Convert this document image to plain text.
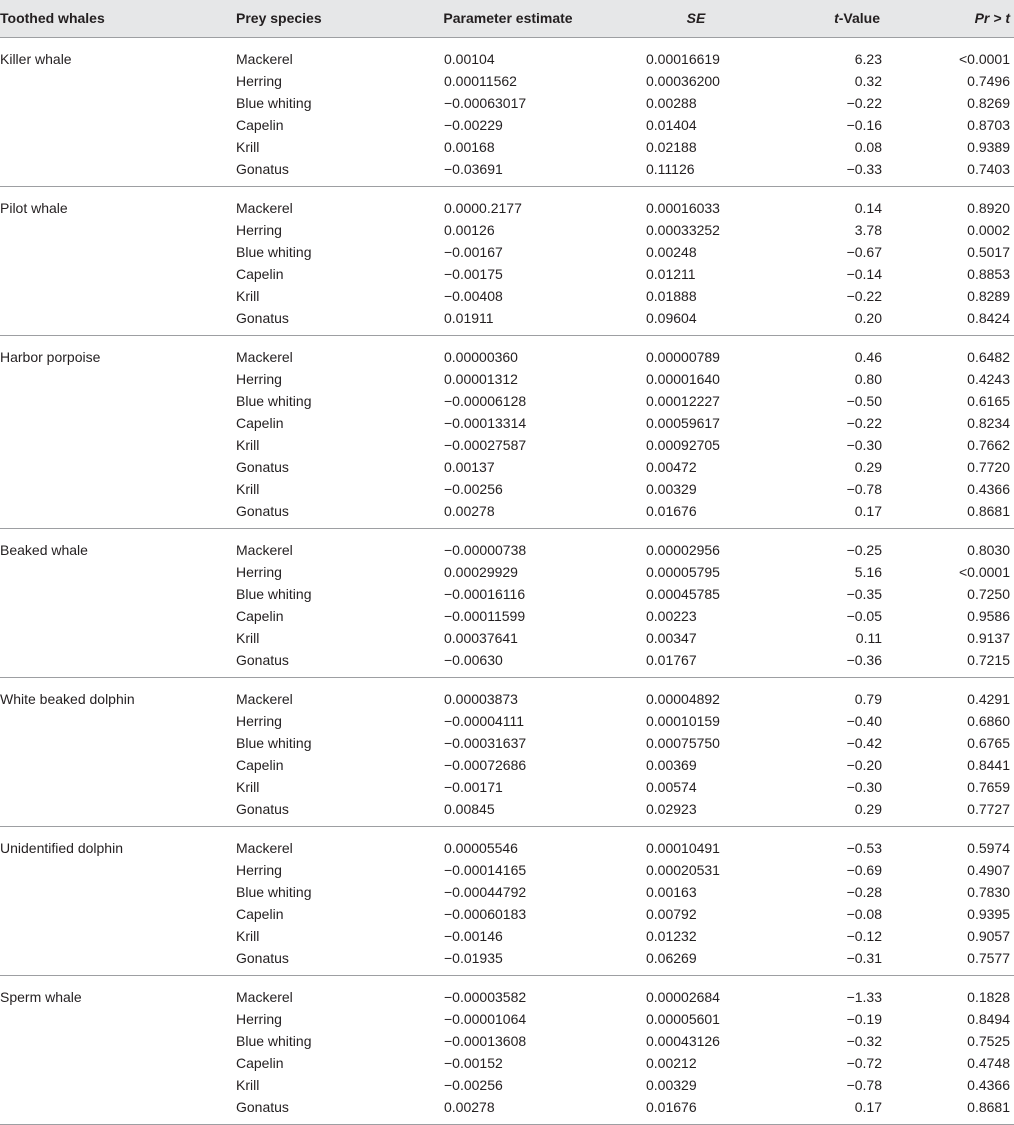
Toothed whales	Prey species	Parameter estimate	SE	t-Value	Pr > t
Killer whale	Mackerel	0.00104	0.00016619	6.23	<0.0001
	Herring	0.00011562	0.00036200	0.32	0.7496
	Blue whiting	−0.00063017	0.00288	−0.22	0.8269
	Capelin	−0.00229	0.01404	−0.16	0.8703
	Krill	0.00168	0.02188	0.08	0.9389
	Gonatus	−0.03691	0.11126	−0.33	0.7403
Pilot whale	Mackerel	0.0000.2177	0.00016033	0.14	0.8920
	Herring	0.00126	0.00033252	3.78	0.0002
	Blue whiting	−0.00167	0.00248	−0.67	0.5017
	Capelin	−0.00175	0.01211	−0.14	0.8853
	Krill	−0.00408	0.01888	−0.22	0.8289
	Gonatus	0.01911	0.09604	0.20	0.8424
Harbor porpoise	Mackerel	0.00000360	0.00000789	0.46	0.6482
	Herring	0.00001312	0.00001640	0.80	0.4243
	Blue whiting	−0.00006128	0.00012227	−0.50	0.6165
	Capelin	−0.00013314	0.00059617	−0.22	0.8234
	Krill	−0.00027587	0.00092705	−0.30	0.7662
	Gonatus	0.00137	0.00472	0.29	0.7720
	Krill	−0.00256	0.00329	−0.78	0.4366
	Gonatus	0.00278	0.01676	0.17	0.8681
Beaked whale	Mackerel	−0.00000738	0.00002956	−0.25	0.8030
	Herring	0.00029929	0.00005795	5.16	<0.0001
	Blue whiting	−0.00016116	0.00045785	−0.35	0.7250
	Capelin	−0.00011599	0.00223	−0.05	0.9586
	Krill	0.00037641	0.00347	0.11	0.9137
	Gonatus	−0.00630	0.01767	−0.36	0.7215
White beaked dolphin	Mackerel	0.00003873	0.00004892	0.79	0.4291
	Herring	−0.00004111	0.00010159	−0.40	0.6860
	Blue whiting	−0.00031637	0.00075750	−0.42	0.6765
	Capelin	−0.00072686	0.00369	−0.20	0.8441
	Krill	−0.00171	0.00574	−0.30	0.7659
	Gonatus	0.00845	0.02923	0.29	0.7727
Unidentified dolphin	Mackerel	0.00005546	0.00010491	−0.53	0.5974
	Herring	−0.00014165	0.00020531	−0.69	0.4907
	Blue whiting	−0.00044792	0.00163	−0.28	0.7830
	Capelin	−0.00060183	0.00792	−0.08	0.9395
	Krill	−0.00146	0.01232	−0.12	0.9057
	Gonatus	−0.01935	0.06269	−0.31	0.7577
Sperm whale	Mackerel	−0.00003582	0.00002684	−1.33	0.1828
	Herring	−0.00001064	0.00005601	−0.19	0.8494
	Blue whiting	−0.00013608	0.00043126	−0.32	0.7525
	Capelin	−0.00152	0.00212	−0.72	0.4748
	Krill	−0.00256	0.00329	−0.78	0.4366
	Gonatus	0.00278	0.01676	0.17	0.8681
